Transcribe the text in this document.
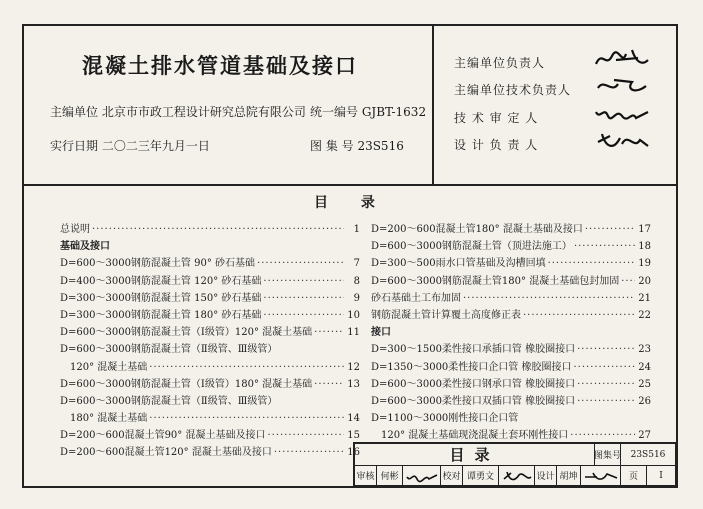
混凝土排水管道基础及接口
主编单位 北京市市政工程设计研究总院有限公司 统一编号 GJBT-1632
实行日期 二〇二三年九月一日	图 集 号 23S516
主编单位负责人
主编单位技术负责人
技 术 审 定 人
设 计 负 责 人
目 录
总说明 ·····	1
基础及接口
D=600～3000钢筋混凝土管 90° 砂石基础 ·····	7
D=400～3000钢筋混凝土管 120° 砂石基础 ·····	8
D=300～3000钢筋混凝土管 150° 砂石基础 ·····	9
D=300～3000钢筋混凝土管 180° 砂石基础 ·····	10
D=600～3000钢筋混凝土管（Ⅰ级管）120° 混凝土基础 ·····	11
D=600～3000钢筋混凝土管（Ⅱ级管、Ⅲ级管）
120° 混凝土基础 ·····	12
D=600～3000钢筋混凝土管（Ⅰ级管）180° 混凝土基础 ·····	13
D=600～3000钢筋混凝土管（Ⅱ级管、Ⅲ级管）
180° 混凝土基础 ·····	14
D=200～600混凝土管90° 混凝土基础及接口 ·····	15
D=200～600混凝土管120° 混凝土基础及接口 ·····	16
D=200～600混凝土管180° 混凝土基础及接口 ·····	17
D=600～3000钢筋混凝土管（顶进法施工） ·····	18
D=300～500雨水口管基础及沟槽回填 ·····	19
D=600～3000钢筋混凝土管180° 混凝土基础包封加固 ····· 20
砂石基础土工布加固 ·····	21
钢筋混凝土管计算覆土高度修正表 ·····	22
接口
D=300～1500柔性接口承插口管 橡胶圈接口 ·····	23
D=1350～3000柔性接口企口管 橡胶圈接口 ·····	24
D=600～3000柔性接口钢承口管 橡胶圈接口 ·····	25
D=600～3000柔性接口双插口管 橡胶圈接口 ·····	26
D=1100～3000刚性接口企口管
120° 混凝土基础现浇混凝土套环刚性接口 ·····	27
目录	图集号	23S516
审核 何彬	校对 谭勇文	设计 胡坤	页	Ⅰ
